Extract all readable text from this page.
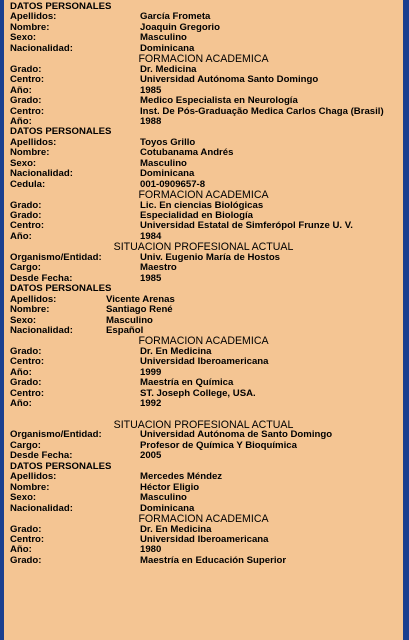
DATOS PERSONALES
Apellidos:	García Frometa
Nombre:	Joaquin Gregorio
Sexo:	Masculino
Nacionalidad:	Dominicana
FORMACION ACADEMICA
Grado:	Dr. Medicina
Centro:	Universidad Autónoma Santo Domingo
Año:	1985
Grado:	Medico Especialista en Neurología
Centro:	Inst. De Pós-Graduação Medica Carlos Chaga (Brasil)
Año:	1988
DATOS PERSONALES
Apellidos:	Toyos Grillo
Nombre:	Cotubanama Andrés
Sexo:	Masculino
Nacionalidad:	Dominicana
Cedula:	001-0909657-8
FORMACION ACADEMICA
Grado:	Lic. En ciencias Biológicas
Grado:	Especialidad en Biología
Centro:	Universidad Estatal de Simferópol Frunze U. V.
Año:	1984
SITUACION PROFESIONAL ACTUAL
Organismo/Entidad:	Univ. Eugenio María de Hostos
Cargo:	Maestro
Desde Fecha:	1985
DATOS PERSONALES
Apellidos:	Vicente Arenas
Nombre:	Santiago René
Sexo:	Masculino
Nacionalidad:	Español
FORMACION ACADEMICA
Grado:	Dr. En Medicina
Centro:	Universidad Iberoamericana
Año:	1999
Grado:	Maestría en Química
Centro:	ST. Joseph College, USA.
Año:	1992
SITUACION PROFESIONAL ACTUAL
Organismo/Entidad:	Universidad Autónoma de Santo Domingo
Cargo:	Profesor de Química Y Bioquímica
Desde Fecha:	2005
DATOS PERSONALES
Apellidos:	Mercedes Méndez
Nombre:	Héctor Eligio
Sexo:	Masculino
Nacionalidad:	Dominicana
FORMACION ACADEMICA
Grado:	Dr. En Medicina
Centro:	Universidad Iberoamericana
Año:	1980
Grado:	Maestría en Educación Superior
